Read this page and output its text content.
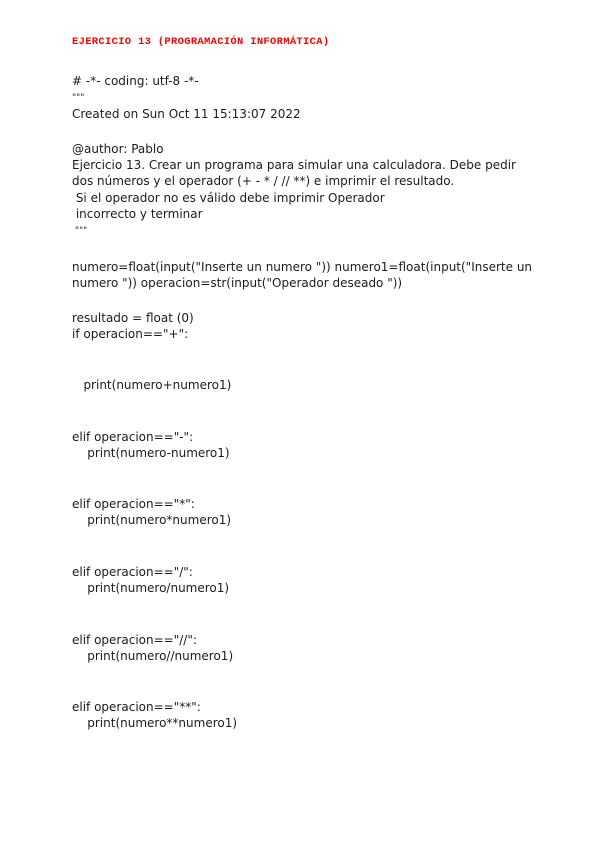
EJERCICIO 13 (PROGRAMACIÓN INFORMÁTICA)
# -*- coding: utf-8 -*-
"""
Created on Sun Oct 11 15:13:07 2022
@author: Pablo
Ejercicio 13. Crear un programa para simular una calculadora. Debe pedir
dos números y el operador (+ - * / // **) e imprimir el resultado.
Si el operador no es válido debe imprimir Operador
incorrecto y terminar
"""
numero=float(input("Inserte un numero ")) numero1=float(input("Inserte un
numero ")) operacion=str(input("Operador deseado "))
resultado = float (0)
if operacion=="+":
print(numero+numero1)
elif operacion=="-":
print(numero-numero1)
elif operacion=="*":
print(numero*numero1)
elif operacion=="/":
print(numero/numero1)
elif operacion=="//":
print(numero//numero1)
elif operacion=="**":
print(numero**numero1)
